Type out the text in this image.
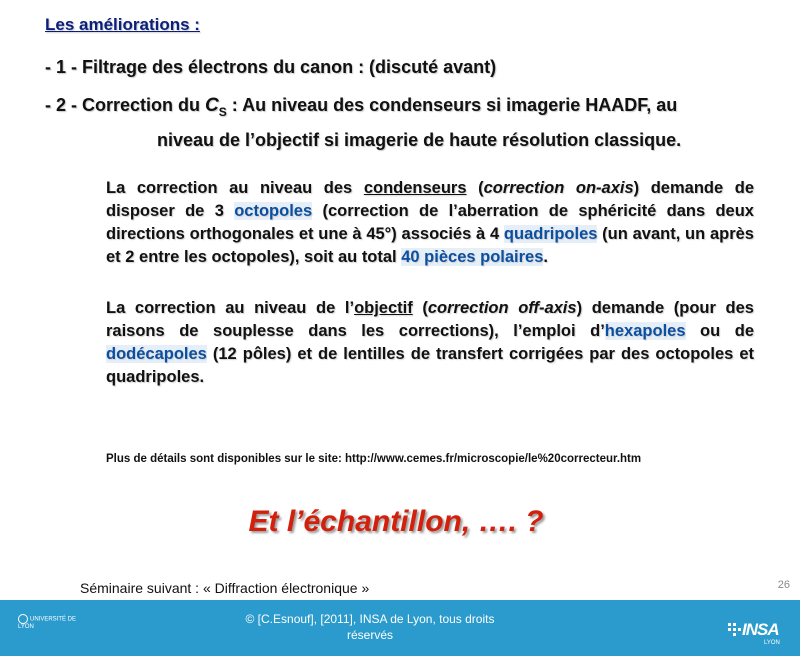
Les améliorations :
- 1 - Filtrage des électrons du canon : (discuté avant)
- 2 - Correction du $C_S$ : Au niveau des condenseurs si imagerie HAADF, au niveau de l’objectif si imagerie de haute résolution classique.
La correction au niveau des condenseurs (correction on-axis) demande de disposer de 3 octopoles (correction de l’aberration de sphéricité dans deux directions orthogonales et une à 45°) associés à 4 quadripoles (un avant, un après et 2 entre les octopoles), soit au total 40 pièces polaires.
La correction au niveau de l’objectif (correction off-axis) demande (pour des raisons de souplesse dans les corrections), l’emploi d’hexapoles ou de dodécapoles (12 pôles) et de lentilles de transfert corrigées par des octopoles et quadripoles.
Plus de détails sont disponibles sur le site: http://www.cemes.fr/microscopie/le%20correcteur.htm
Et l’échantillon, …. ?
Séminaire suivant : « Diffraction électronique »	26
UNIVERSITÉ DE LYON
© [C.Esnouf], [2011], INSA de Lyon, tous droits
réservés	INSA
LYON
